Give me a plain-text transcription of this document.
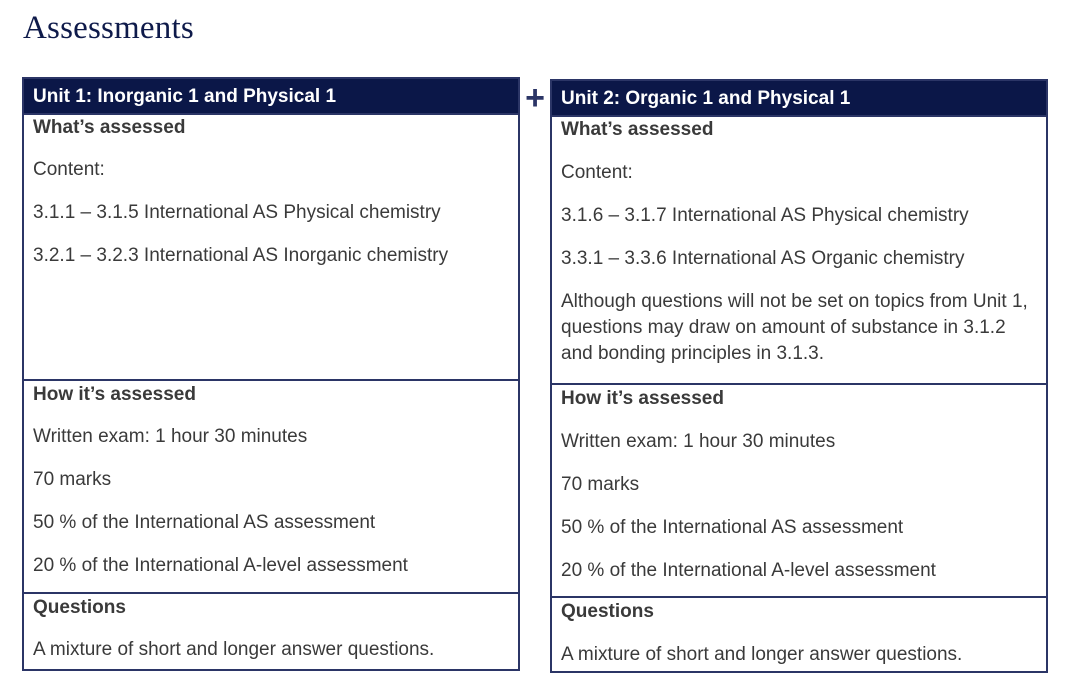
Assessments
+
Unit 1: Inorganic 1 and Physical 1
What’s assessed
Content:
3.1.1 – 3.1.5 International AS Physical chemistry
3.2.1 – 3.2.3 International AS Inorganic chemistry
How it’s assessed
Written exam: 1 hour 30 minutes
70 marks
50 % of the International AS assessment
20 % of the International A-level assessment
Questions
A mixture of short and longer answer questions.
Unit 2: Organic 1 and Physical 1
What’s assessed
Content:
3.1.6 – 3.1.7 International AS Physical chemistry
3.3.1 – 3.3.6 International AS Organic chemistry
Although questions will not be set on topics from Unit 1, questions may draw on amount of substance in 3.1.2 and bonding principles in 3.1.3.
How it’s assessed
Written exam: 1 hour 30 minutes
70 marks
50 % of the International AS assessment
20 % of the International A-level assessment
Questions
A mixture of short and longer answer questions.
